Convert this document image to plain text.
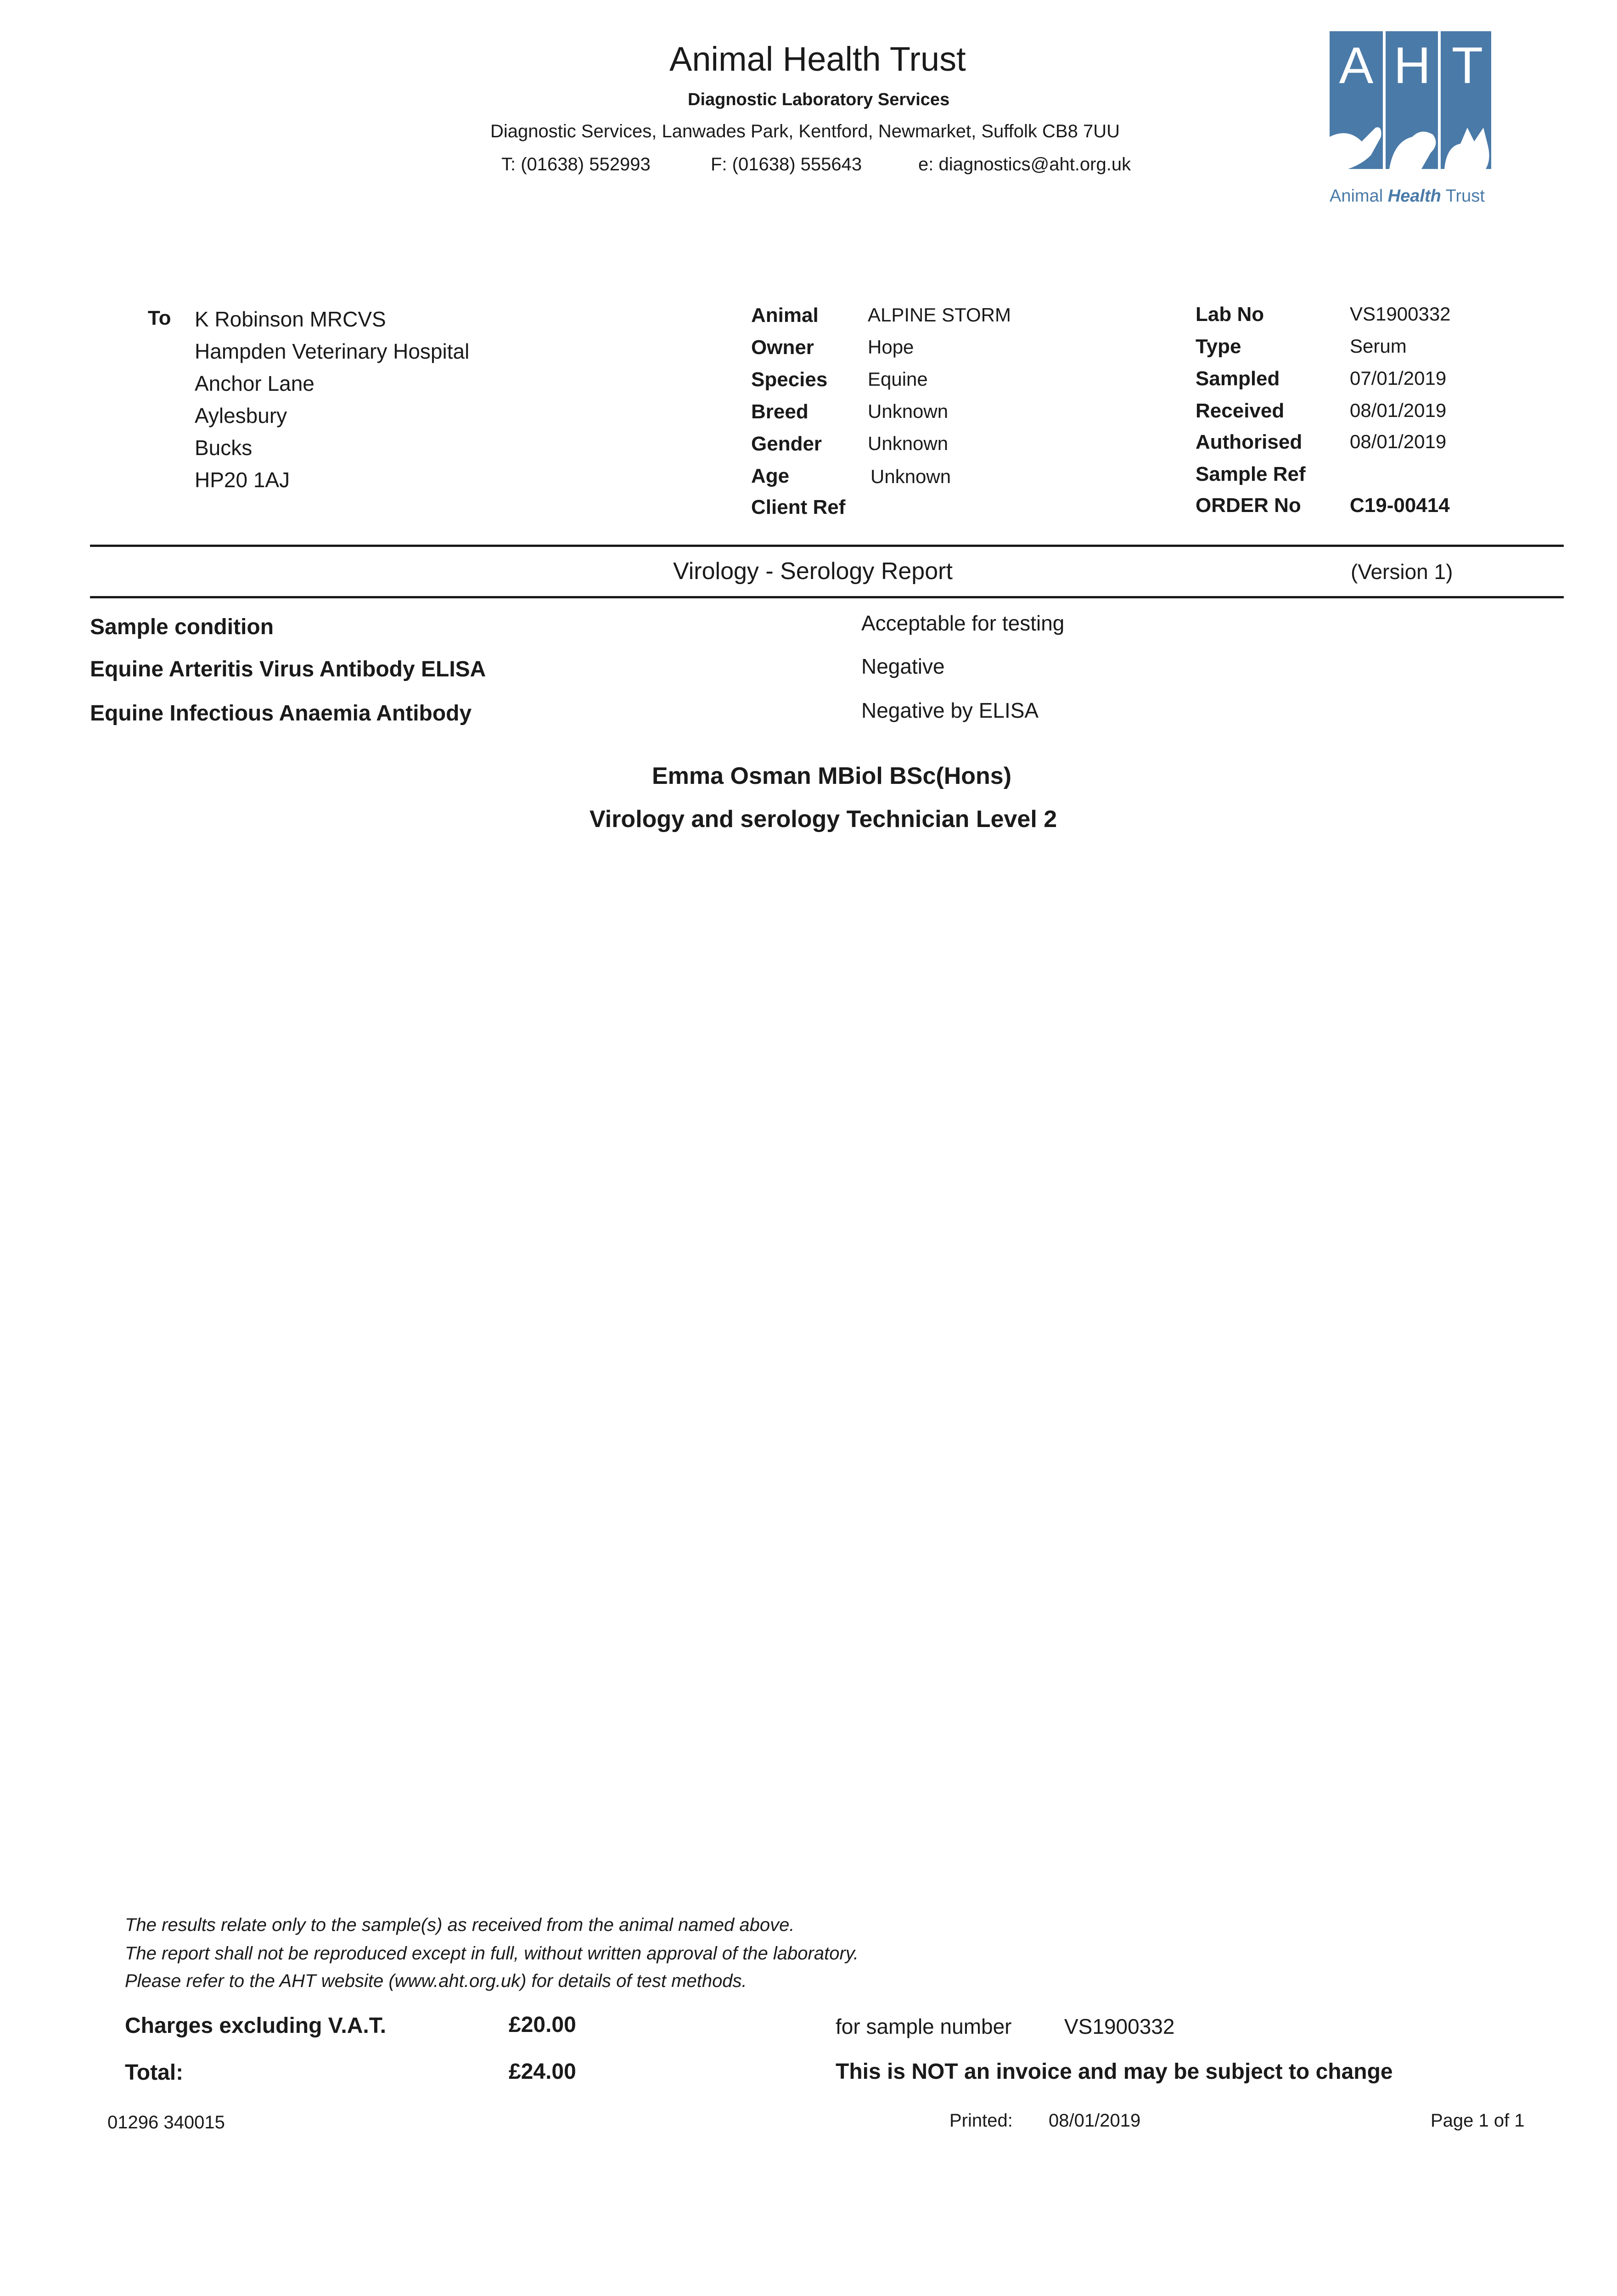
Animal Health Trust
Diagnostic Laboratory Services
Diagnostic Services, Lanwades Park, Kentford, Newmarket, Suffolk CB8 7UU
T: (01638) 552993	F: (01638) 555643	e: diagnostics@aht.org.uk
A H T
Animal Health Trust
To K Robinson MRCVS
Hampden Veterinary Hospital
Anchor Lane
Aylesbury
Bucks
HP20 1AJ
Animal	ALPINE STORM
Owner	Hope
Species Equine
Breed	Unknown
Gender Unknown
Age	Unknown
Client Ref
Lab No	VS1900332
Type	Serum
Sampled	07/01/2019
Received	08/01/2019
Authorised 08/01/2019
Sample Ref
ORDER No C19-00414
Virology - Serology Report	(Version 1)
Sample condition	Acceptable for testing
Equine Arteritis Virus Antibody ELISA	Negative
Equine Infectious Anaemia Antibody	Negative by ELISA
Emma Osman MBiol BSc(Hons)
Virology and serology Technician Level 2
The results relate only to the sample(s) as received from the animal named above.
The report shall not be reproduced except in full, without written approval of the laboratory.
Please refer to the AHT website (www.aht.org.uk) for details of test methods.
Charges excluding V.A.T.	£20.00	for sample number VS1900332
Total:	£24.00	This is NOT an invoice and may be subject to change
01296 340015	Printed: 08/01/2019	Page 1 of 1
